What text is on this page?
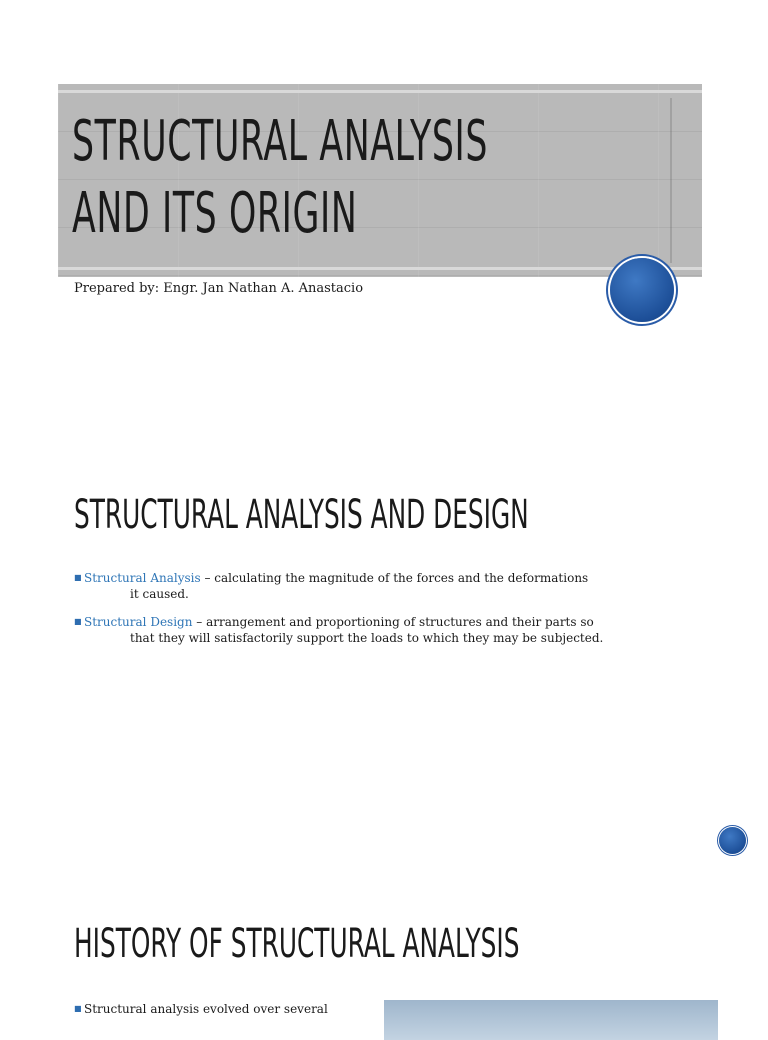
STRUCTURAL ANALYSIS
AND ITS ORIGIN
Prepared by: Engr. Jan Nathan A. Anastacio
STRUCTURAL ANALYSIS AND DESIGN
■ Structural Analysis – calculating the magnitude of the forces and the deformations
it caused.
■ Structural Design – arrangement and proportioning of structures and their parts so
that they will satisfactorily support the loads to which they may be subjected.
HISTORY OF STRUCTURAL ANALYSIS
■ Structural analysis evolved over several
